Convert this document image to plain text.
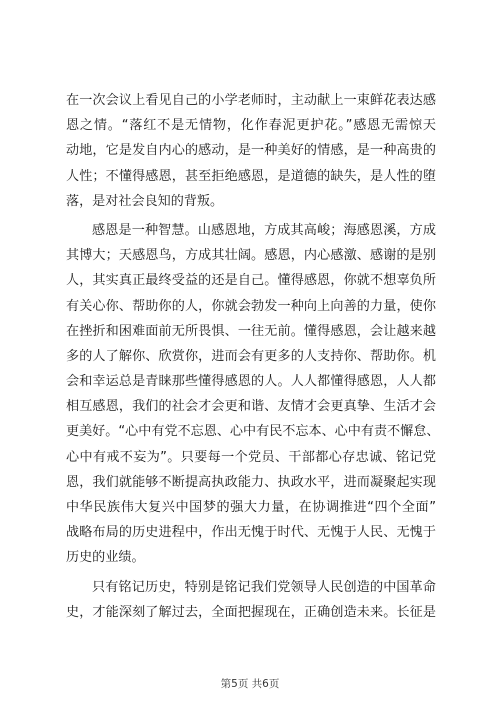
在一次会议上看见自己的小学老师时，主动献上一束鲜花表达感
恩之情。“落红不是无情物，化作春泥更护花。”感恩无需惊天
动地，它是发自内心的感动，是一种美好的情感，是一种高贵的
人性；不懂得感恩，甚至拒绝感恩，是道德的缺失，是人性的堕
落，是对社会良知的背叛。
感恩是一种智慧。山感恩地，方成其高峻；海感恩溪，方成
其博大；天感恩鸟，方成其壮阔。感恩，内心感激、感谢的是别
人，其实真正最终受益的还是自己。懂得感恩，你就不想辜负所
有关心你、帮助你的人，你就会勃发一种向上向善的力量，使你
在挫折和困难面前无所畏惧、一往无前。懂得感恩，会让越来越
多的人了解你、欣赏你，进而会有更多的人支持你、帮助你。机
会和幸运总是青睐那些懂得感恩的人。人人都懂得感恩，人人都
相互感恩，我们的社会才会更和谐、友情才会更真挚、生活才会
更美好。“心中有党不忘恩、心中有民不忘本、心中有责不懈怠、
心中有戒不妄为”。只要每一个党员、干部都心存忠诚、铭记党
恩，我们就能够不断提高执政能力、执政水平，进而凝聚起实现
中华民族伟大复兴中国梦的强大力量，在协调推进“四个全面”
战略布局的历史进程中，作出无愧于时代、无愧于人民、无愧于
历史的业绩。
只有铭记历史，特别是铭记我们党领导人民创造的中国革命
史，才能深刻了解过去，全面把握现在，正确创造未来。长征是
第5页 共6页
